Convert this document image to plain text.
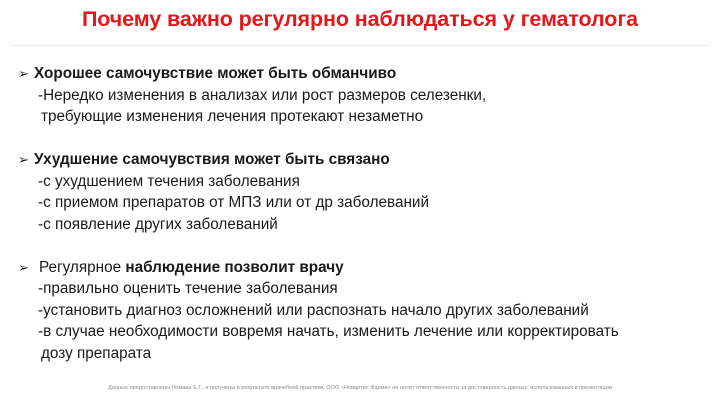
Почему важно регулярно наблюдаться у гематолога
➢ Хорошее самочувствие может быть обманчиво
-Нередко изменения в анализах или рост размеров селезенки,
требующие изменения лечения протекают незаметно
➢ Ухудшение самочувствия может быть связано
-с ухудшением течения заболевания
-с приемом препаратов от МПЗ или от др заболеваний
-с появление других заболеваний
➢ Регулярное наблюдение позволит врачу
-правильно оценить течение заболевания
-установить диагноз осложнений или распознать начало других заболеваний
-в случае необходимости вовремя начать, изменить лечение или корректировать
дозу препарата
Данные предоставлены Ломаиа Е.Г., и получены в результате врачебной практики. ООО «Новартис Фарма» не несет ответственности за достоверность данных, использованных в презентации
